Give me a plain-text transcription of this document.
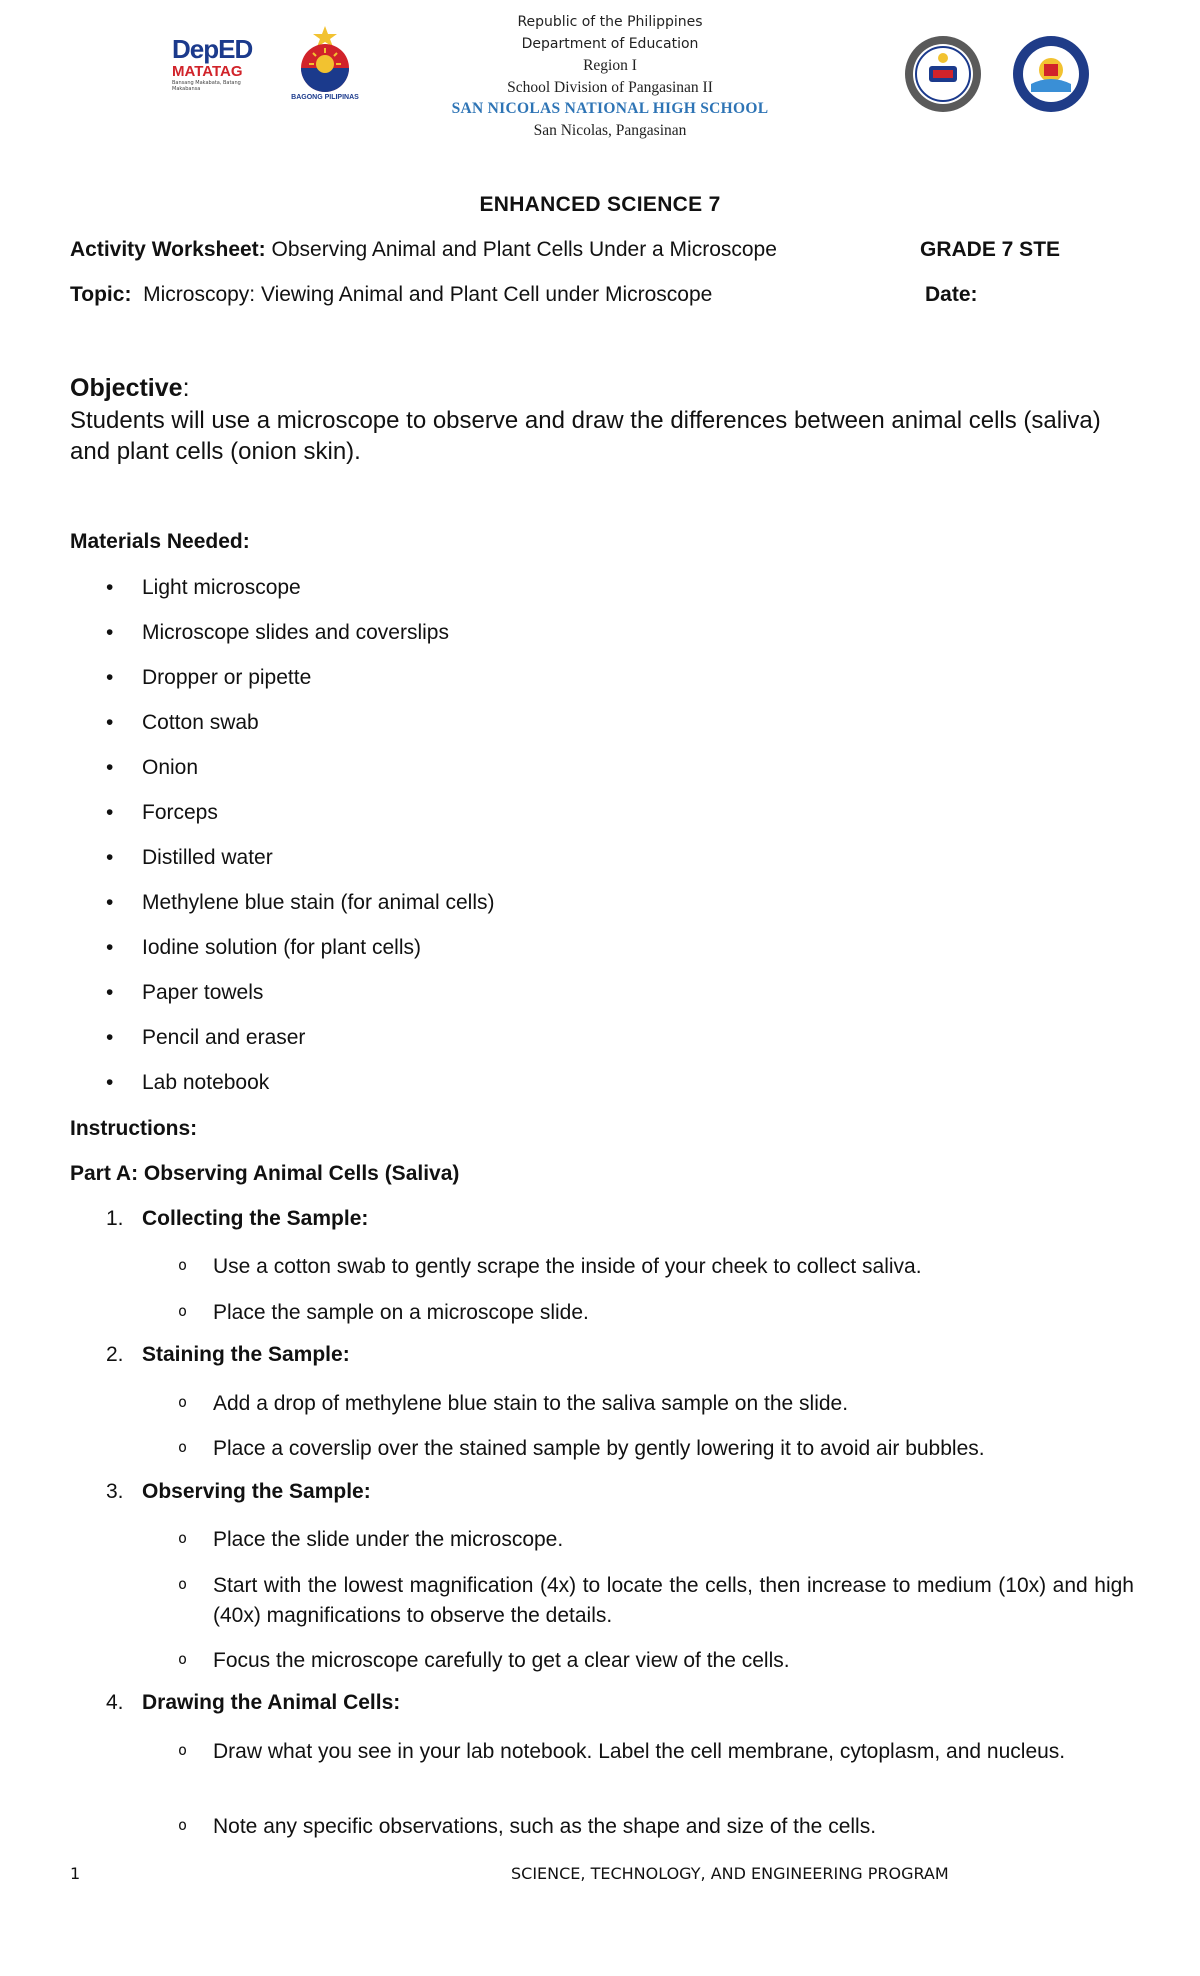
DepED
MATATAG
Bansang Makabata, Batang Makabansa
BAGONG PILIPINAS
Republic of the Philippines
Department of Education
Region I
School Division of Pangasinan II
SAN NICOLAS NATIONAL HIGH SCHOOL
San Nicolas, Pangasinan
ENHANCED SCIENCE 7
Activity Worksheet: Observing Animal and Plant Cells Under a Microscope	GRADE 7 STE
Topic:  Microscopy: Viewing Animal and Plant Cell under Microscope	Date:
Objective:
Students will use a microscope to observe and draw the differences between animal cells (saliva) and plant cells (onion skin).
Materials Needed:
• Light microscope
• Microscope slides and coverslips
• Dropper or pipette
• Cotton swab
• Onion
• Forceps
• Distilled water
• Methylene blue stain (for animal cells)
• Iodine solution (for plant cells)
• Paper towels
• Pencil and eraser
• Lab notebook
Instructions:
Part A: Observing Animal Cells (Saliva)
1. Collecting the Sample:
o Use a cotton swab to gently scrape the inside of your cheek to collect saliva.
o Place the sample on a microscope slide.
2. Staining the Sample:
o Add a drop of methylene blue stain to the saliva sample on the slide.
o Place a coverslip over the stained sample by gently lowering it to avoid air bubbles.
3. Observing the Sample:
o Place the slide under the microscope.
o Start with the lowest magnification (4x) to locate the cells, then increase to medium (10x) and high (40x) magnifications to observe the details.
o Focus the microscope carefully to get a clear view of the cells.
4. Drawing the Animal Cells:
o Draw what you see in your lab notebook. Label the cell membrane, cytoplasm, and nucleus.
o Note any specific observations, such as the shape and size of the cells.
1	SCIENCE, TECHNOLOGY, AND ENGINEERING PROGRAM
